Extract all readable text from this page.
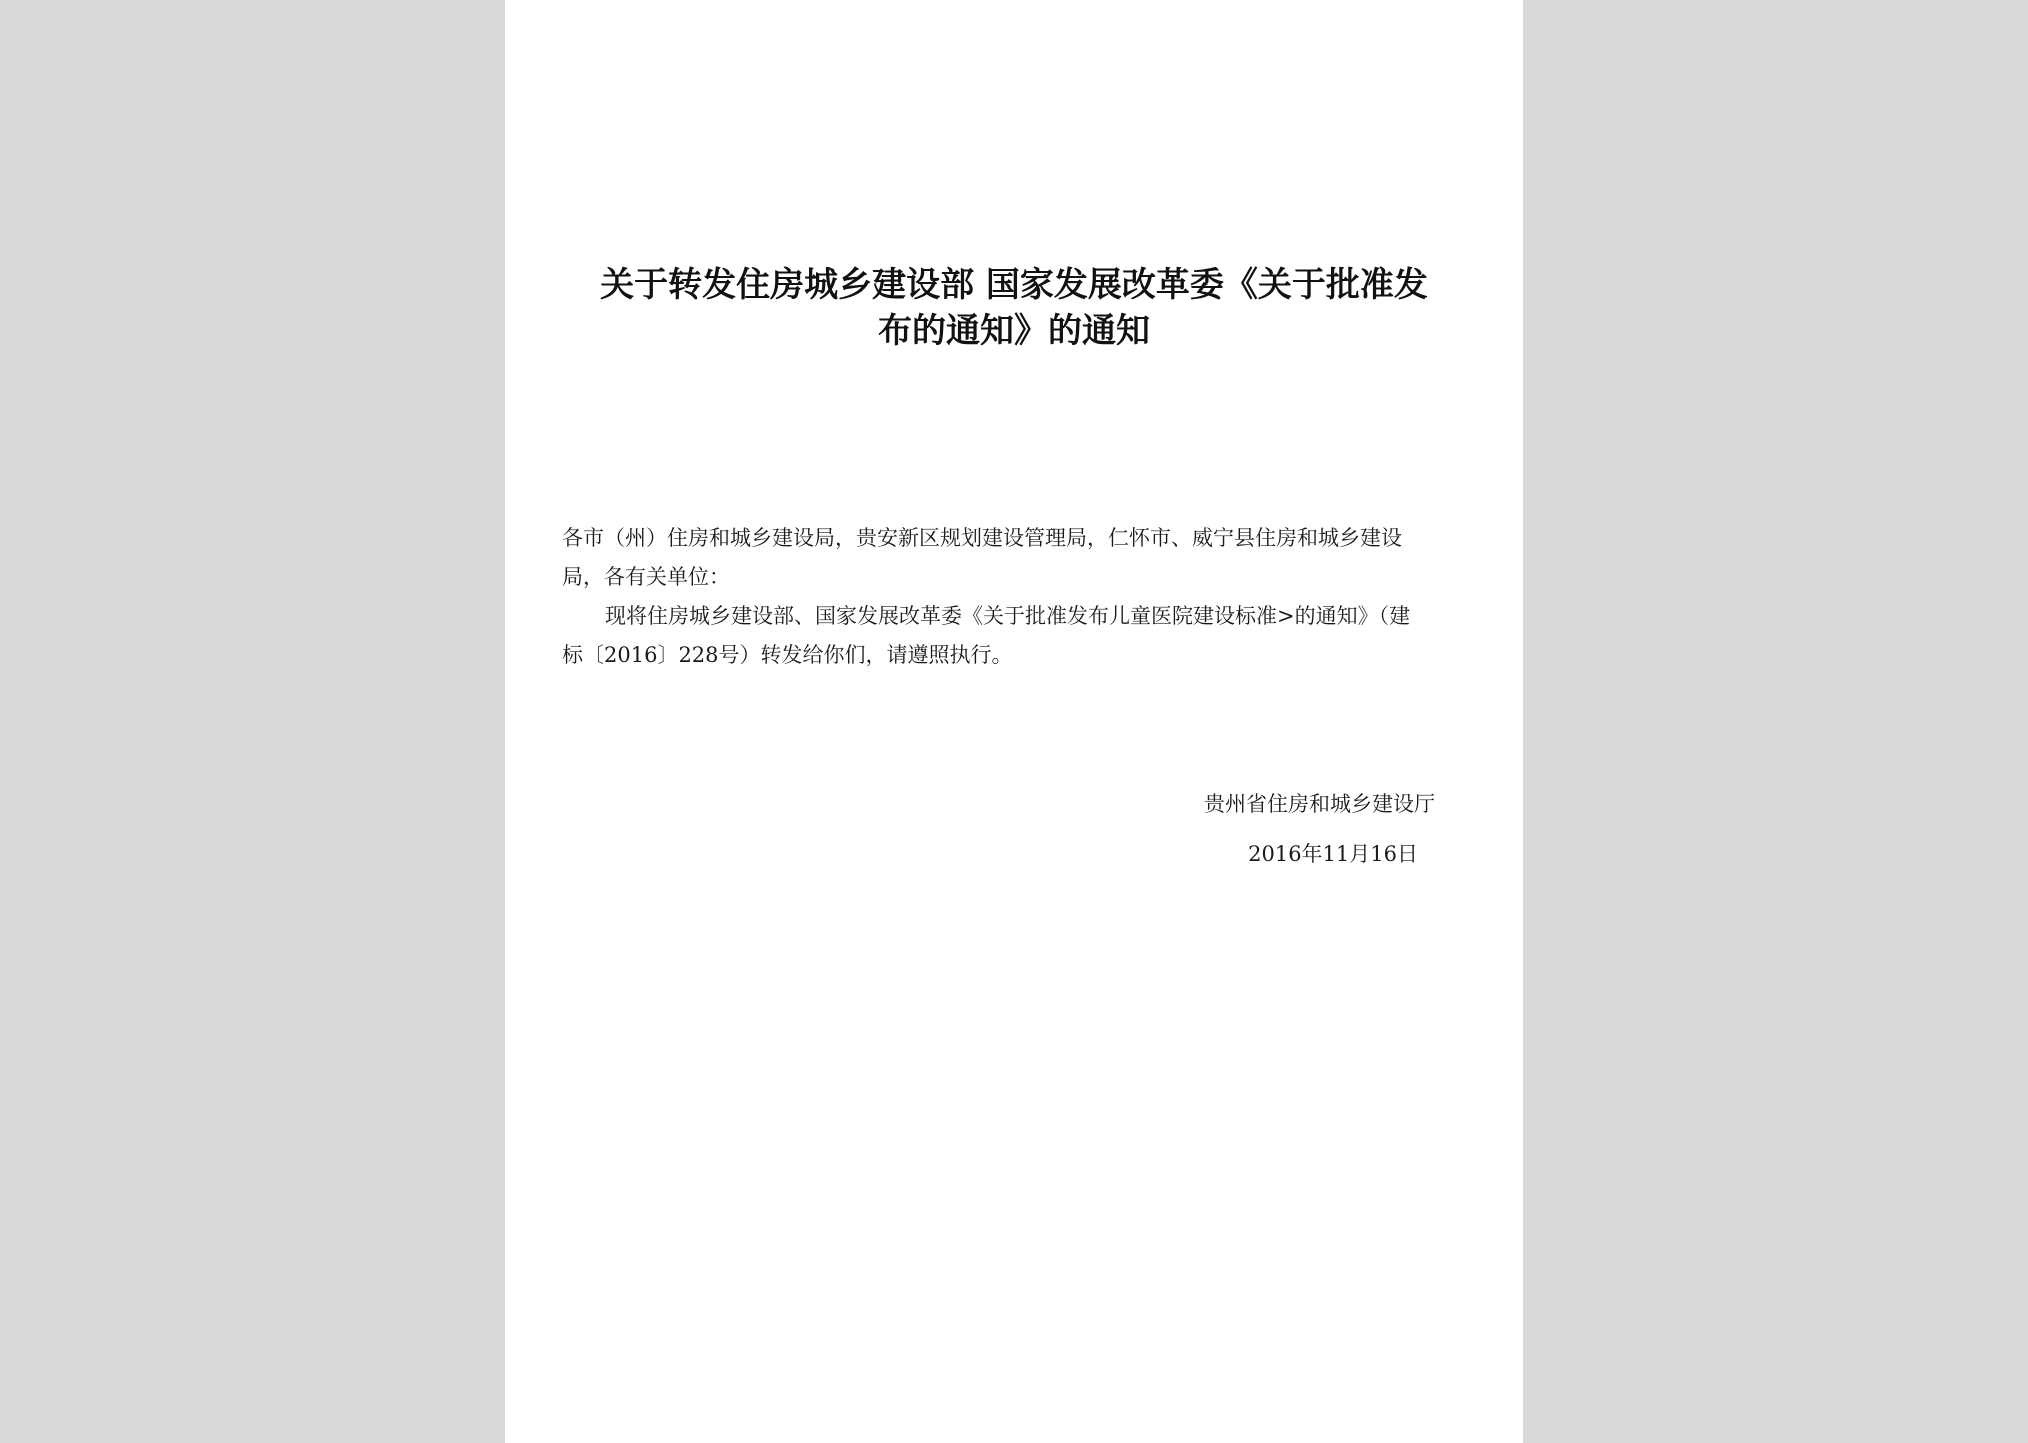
关于转发住房城乡建设部 国家发展改革委《关于批准发
布的通知》的通知
各市（州）住房和城乡建设局，贵安新区规划建设管理局，仁怀市、威宁县住房和城乡建设
局，各有关单位：
现将住房城乡建设部、国家发展改革委《关于批准发布儿童医院建设标准>的通知》（建
标〔2016〕228号）转发给你们，请遵照执行。
贵州省住房和城乡建设厅
2016年11月16日
